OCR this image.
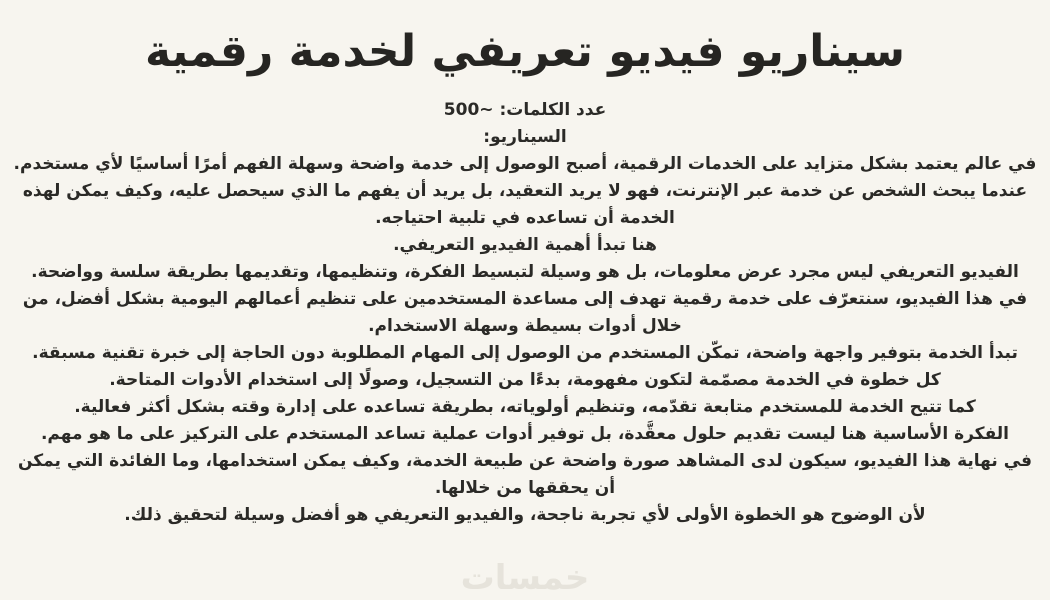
سيناريو فيديو تعريفي لخدمة رقمية
عدد الكلمات: ~500
السيناريو:
في عالم يعتمد بشكل متزايد على الخدمات الرقمية، أصبح الوصول إلى خدمة واضحة وسهلة الفهم أمرًا أساسيًا لأي مستخدم.
عندما يبحث الشخص عن خدمة عبر الإنترنت، فهو لا يريد التعقيد، بل يريد أن يفهم ما الذي سيحصل عليه، وكيف يمكن لهذه الخدمة أن تساعده في تلبية احتياجه.
هنا تبدأ أهمية الفيديو التعريفي.
الفيديو التعريفي ليس مجرد عرض معلومات، بل هو وسيلة لتبسيط الفكرة، وتنظيمها، وتقديمها بطريقة سلسة وواضحة.
في هذا الفيديو، سنتعرّف على خدمة رقمية تهدف إلى مساعدة المستخدمين على تنظيم أعمالهم اليومية بشكل أفضل، من خلال أدوات بسيطة وسهلة الاستخدام.
تبدأ الخدمة بتوفير واجهة واضحة، تمكّن المستخدم من الوصول إلى المهام المطلوبة دون الحاجة إلى خبرة تقنية مسبقة.
كل خطوة في الخدمة مصمّمة لتكون مفهومة، بدءًا من التسجيل، وصولًا إلى استخدام الأدوات المتاحة.
كما تتيح الخدمة للمستخدم متابعة تقدّمه، وتنظيم أولوياته، بطريقة تساعده على إدارة وقته بشكل أكثر فعالية.
الفكرة الأساسية هنا ليست تقديم حلول معقَّدة، بل توفير أدوات عملية تساعد المستخدم على التركيز على ما هو مهم.
في نهاية هذا الفيديو، سيكون لدى المشاهد صورة واضحة عن طبيعة الخدمة، وكيف يمكن استخدامها، وما الفائدة التي يمكن أن يحققها من خلالها.
لأن الوضوح هو الخطوة الأولى لأي تجربة ناجحة، والفيديو التعريفي هو أفضل وسيلة لتحقيق ذلك.
خمسات
